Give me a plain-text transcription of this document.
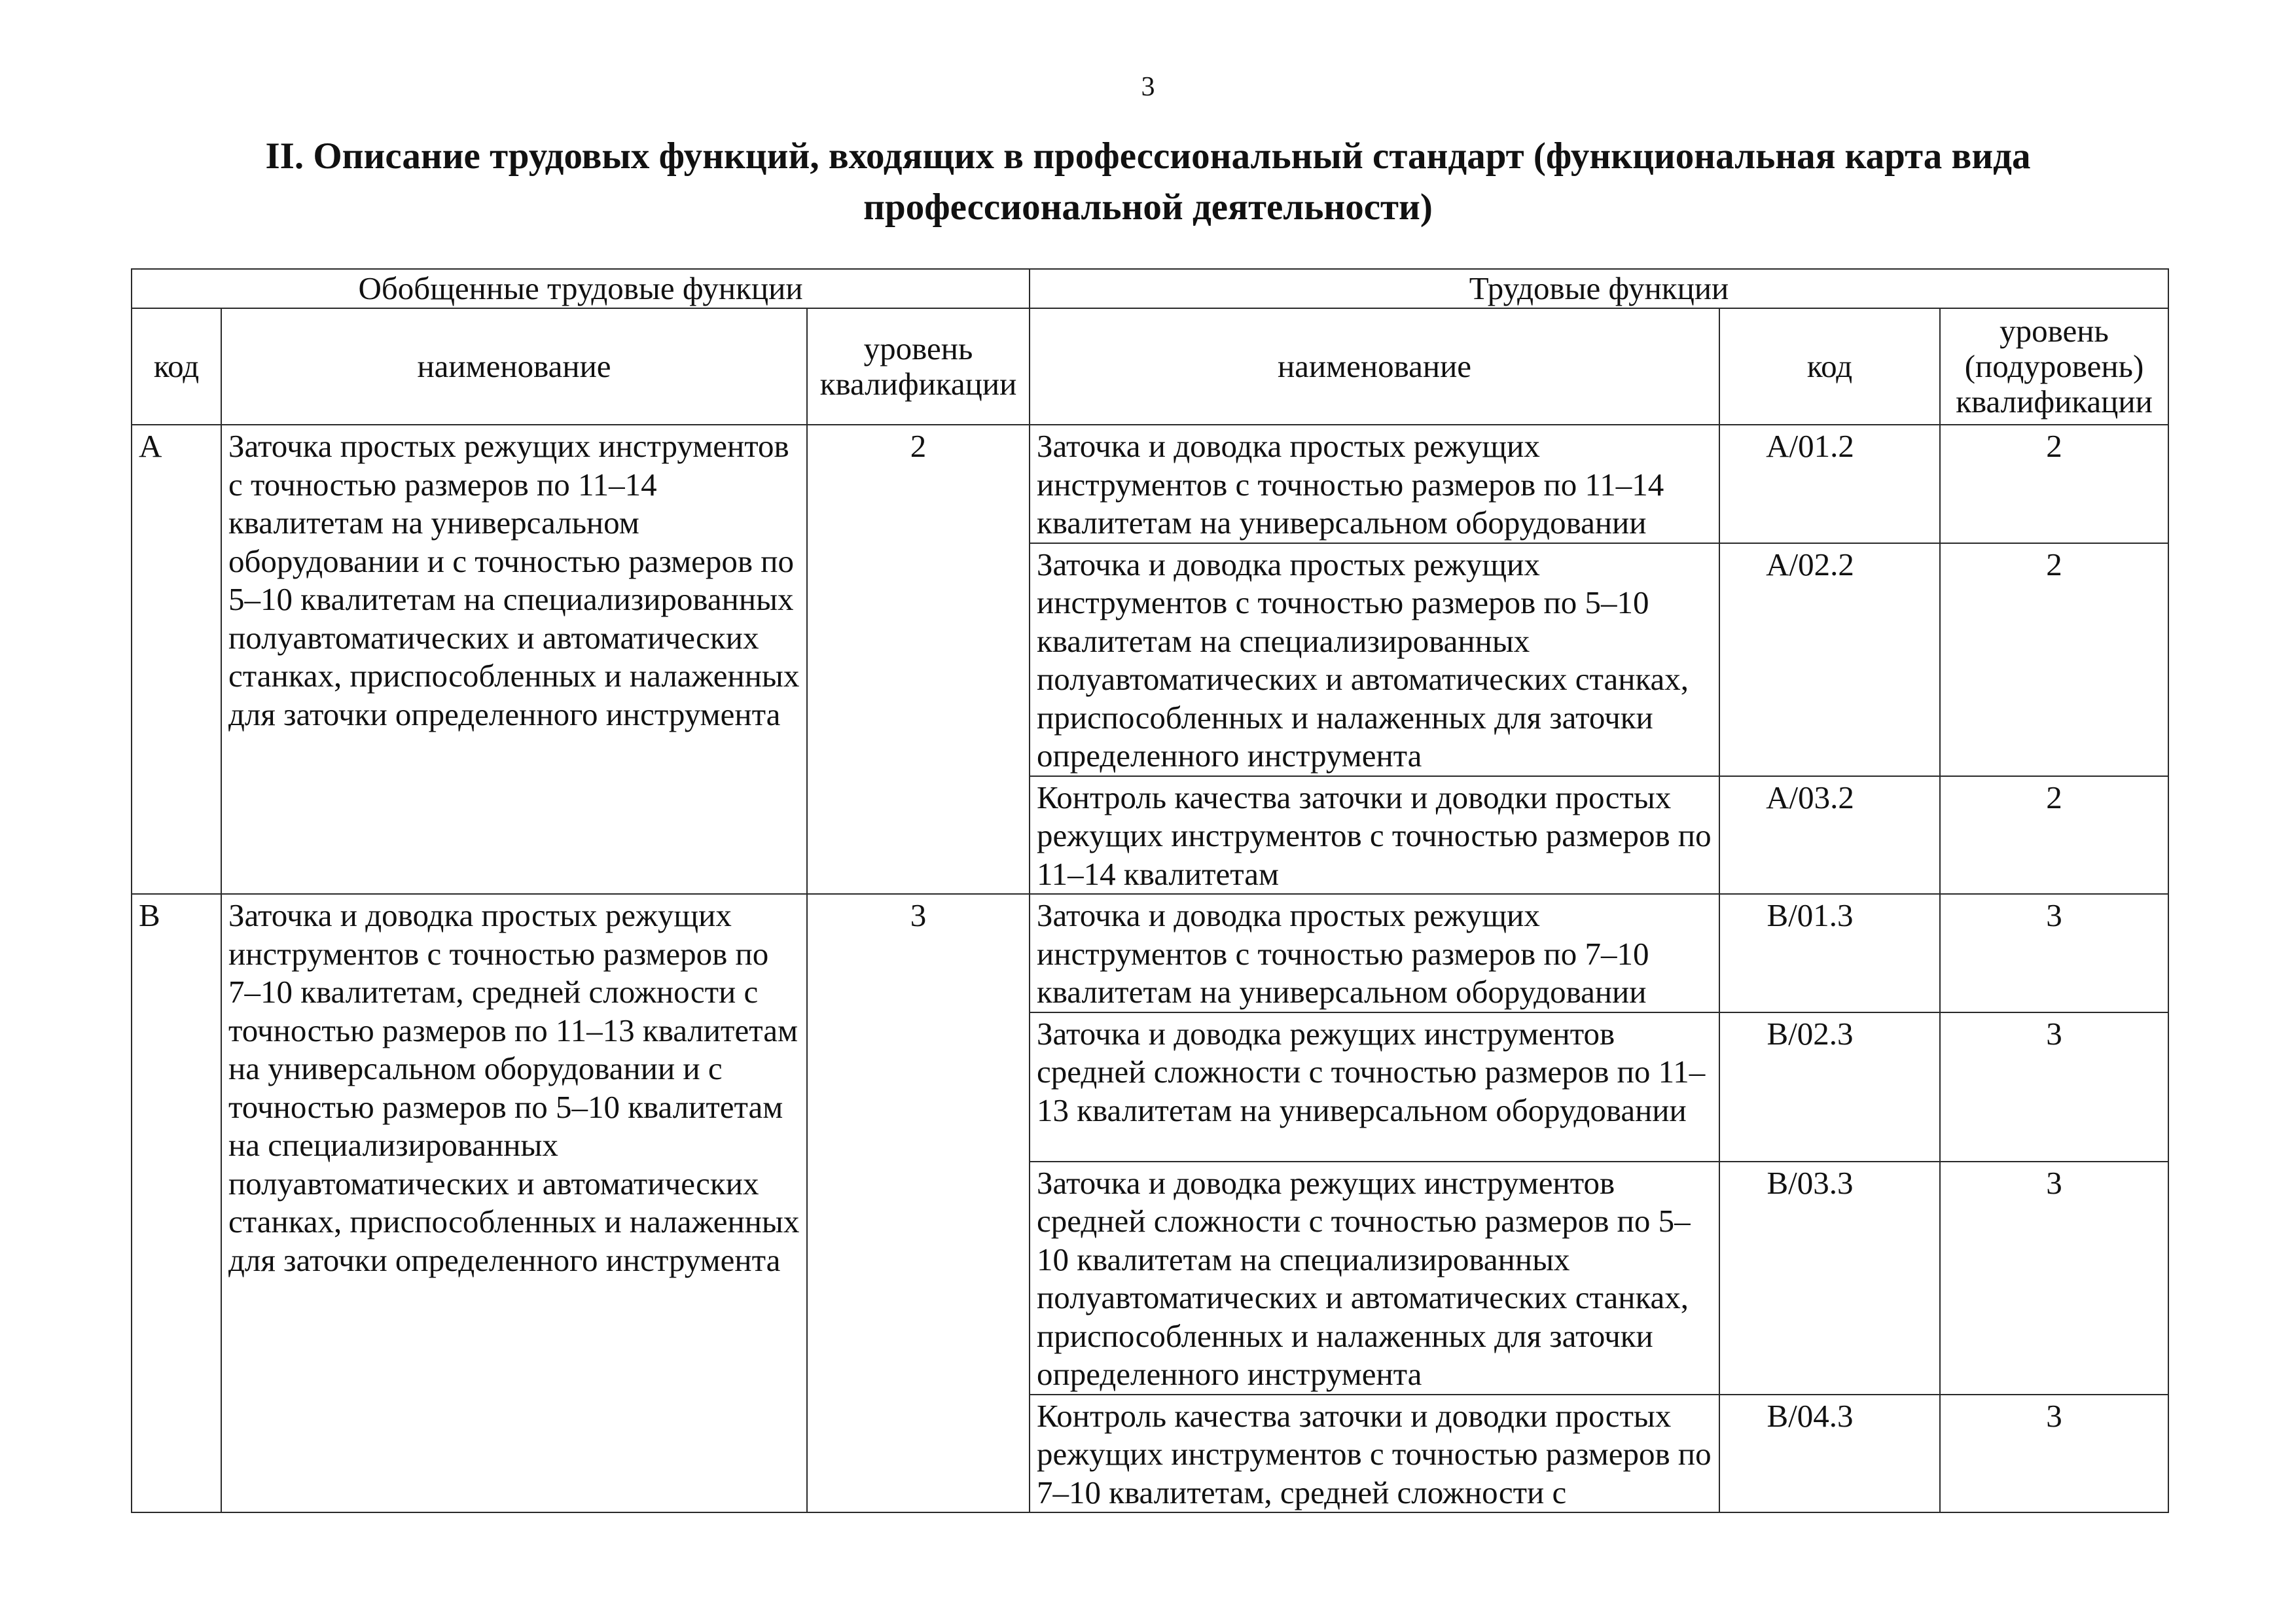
3
II. Описание трудовых функций, входящих в профессиональный стандарт (функциональная карта вида профессиональной деятельности)
Обобщенные трудовые функции			Трудовые функции		
код	наименование	уровень квалификации	наименование	код	уровень (подуровень) квалификации
A	Заточка простых режущих инструментов с точностью размеров по 11–14 квалитетам на универсальном оборудовании и с точностью размеров по 5–10 квалитетам на специализированных полуавтоматических и автоматических станках, приспособленных и налаженных для заточки определенного инструмента	2	Заточка и доводка простых режущих инструментов с точностью размеров по 11–14 квалитетам на универсальном оборудовании	A/01.2	2
			Заточка и доводка простых режущих инструментов с точностью размеров по 5–10 квалитетам на специализированных полуавтоматических и автоматических станках, приспособленных и налаженных для заточки определенного инструмента	A/02.2	2
			Контроль качества заточки и доводки простых режущих инструментов с точностью размеров по 11–14 квалитетам	A/03.2	2
B	Заточка и доводка простых режущих инструментов с точностью размеров по 7–10 квалитетам, средней сложности с точностью размеров по 11–13 квалитетам на универсальном оборудовании и с точностью размеров по 5–10 квалитетам на специализированных полуавтоматических и автоматических станках, приспособленных и налаженных для заточки определенного инструмента	3	Заточка и доводка простых режущих инструментов с точностью размеров по 7–10 квалитетам на универсальном оборудовании	B/01.3	3
			Заточка и доводка режущих инструментов средней сложности с точностью размеров по 11–13 квалитетам на универсальном оборудовании	B/02.3	3
			Заточка и доводка режущих инструментов средней сложности с точностью размеров по 5–10 квалитетам на специализированных полуавтоматических и автоматических станках, приспособленных и налаженных для заточки определенного инструмента	B/03.3	3
			Контроль качества заточки и доводки простых режущих инструментов с точностью размеров по 7–10 квалитетам, средней сложности с	B/04.3	3
